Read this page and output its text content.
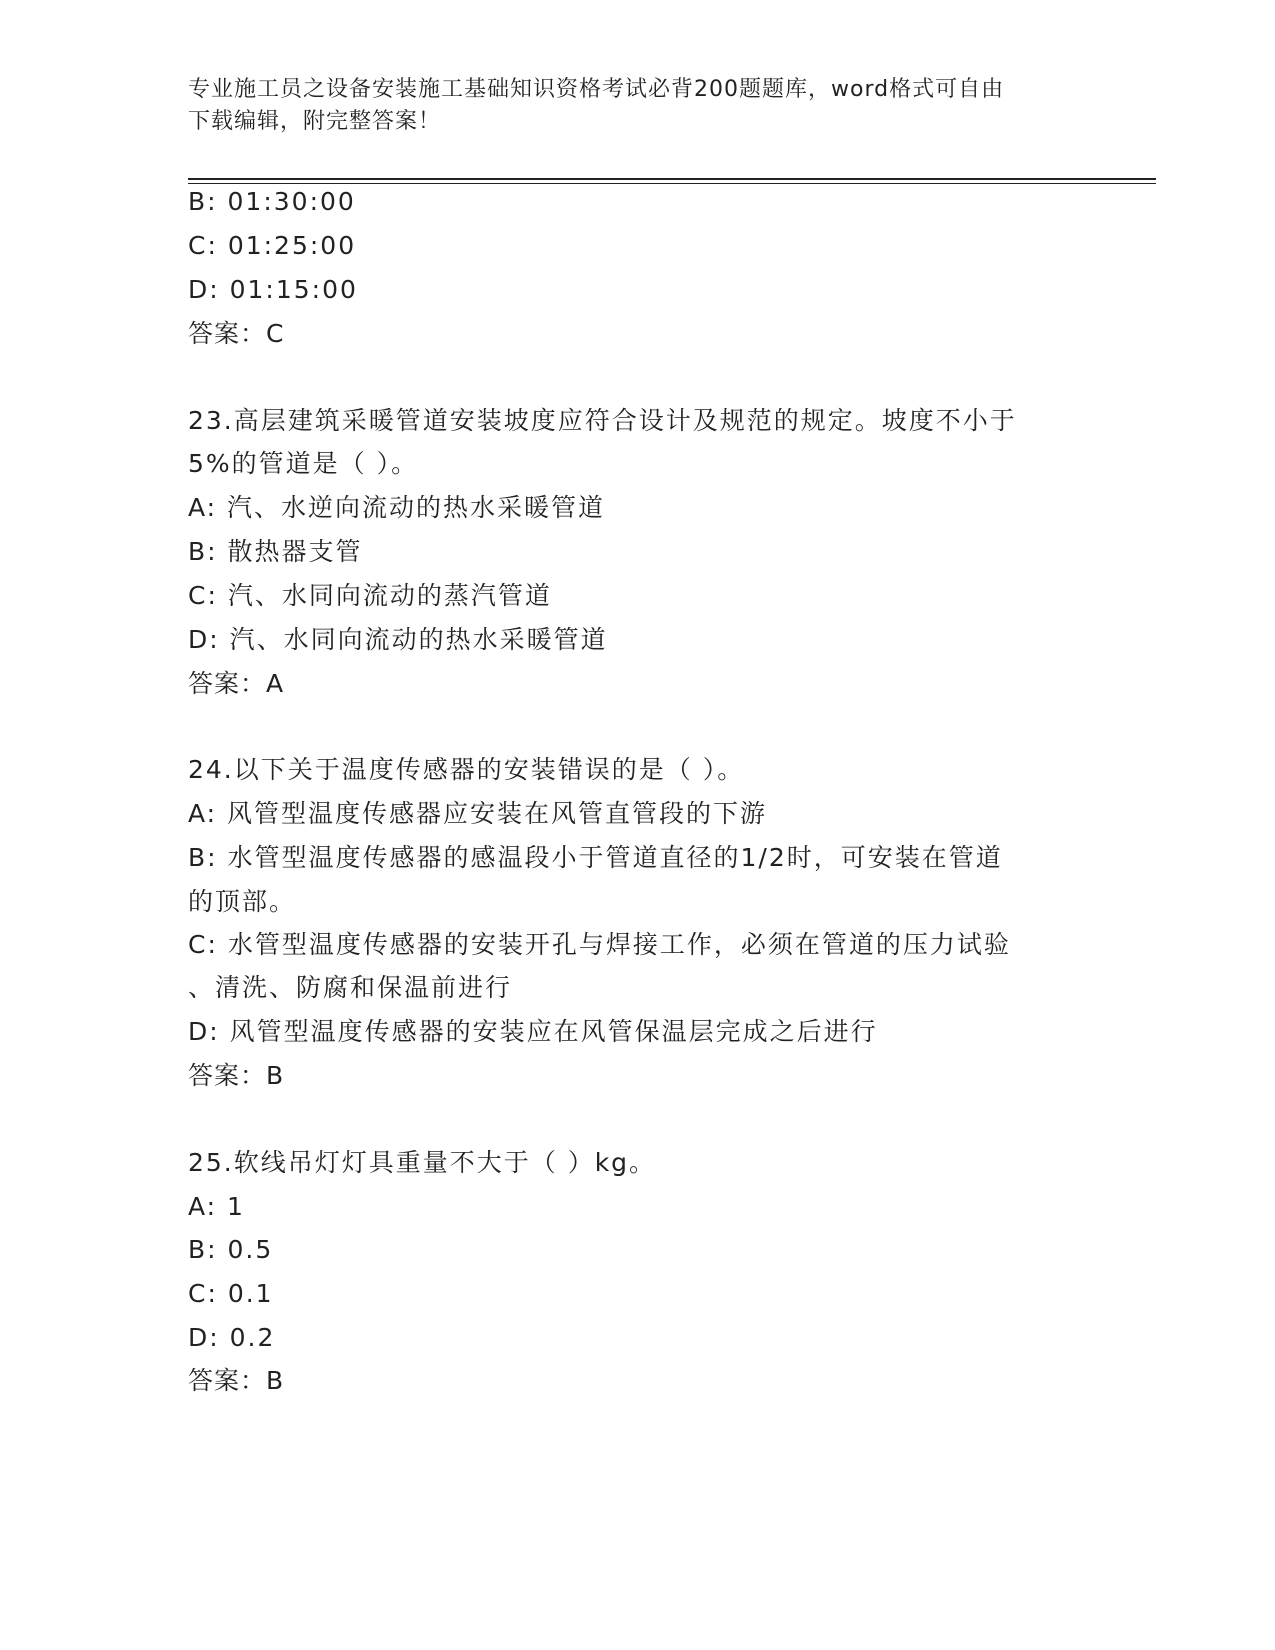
专业施工员之设备安装施工基础知识资格考试必背200题题库，word格式可自由
下载编辑，附完整答案！
B: 01:30:00
C: 01:25:00
D: 01:15:00
答案：C
23.高层建筑采暖管道安装坡度应符合设计及规范的规定。坡度不小于
5%的管道是（ ）。
A: 汽、水逆向流动的热水采暖管道
B: 散热器支管
C: 汽、水同向流动的蒸汽管道
D: 汽、水同向流动的热水采暖管道
答案：A
24.以下关于温度传感器的安装错误的是（ ）。
A: 风管型温度传感器应安装在风管直管段的下游
B: 水管型温度传感器的感温段小于管道直径的1/2时，可安装在管道
的顶部。
C: 水管型温度传感器的安装开孔与焊接工作，必须在管道的压力试验
、清洗、防腐和保温前进行
D: 风管型温度传感器的安装应在风管保温层完成之后进行
答案：B
25.软线吊灯灯具重量不大于（ ）kg。
A: 1
B: 0.5
C: 0.1
D: 0.2
答案：B
